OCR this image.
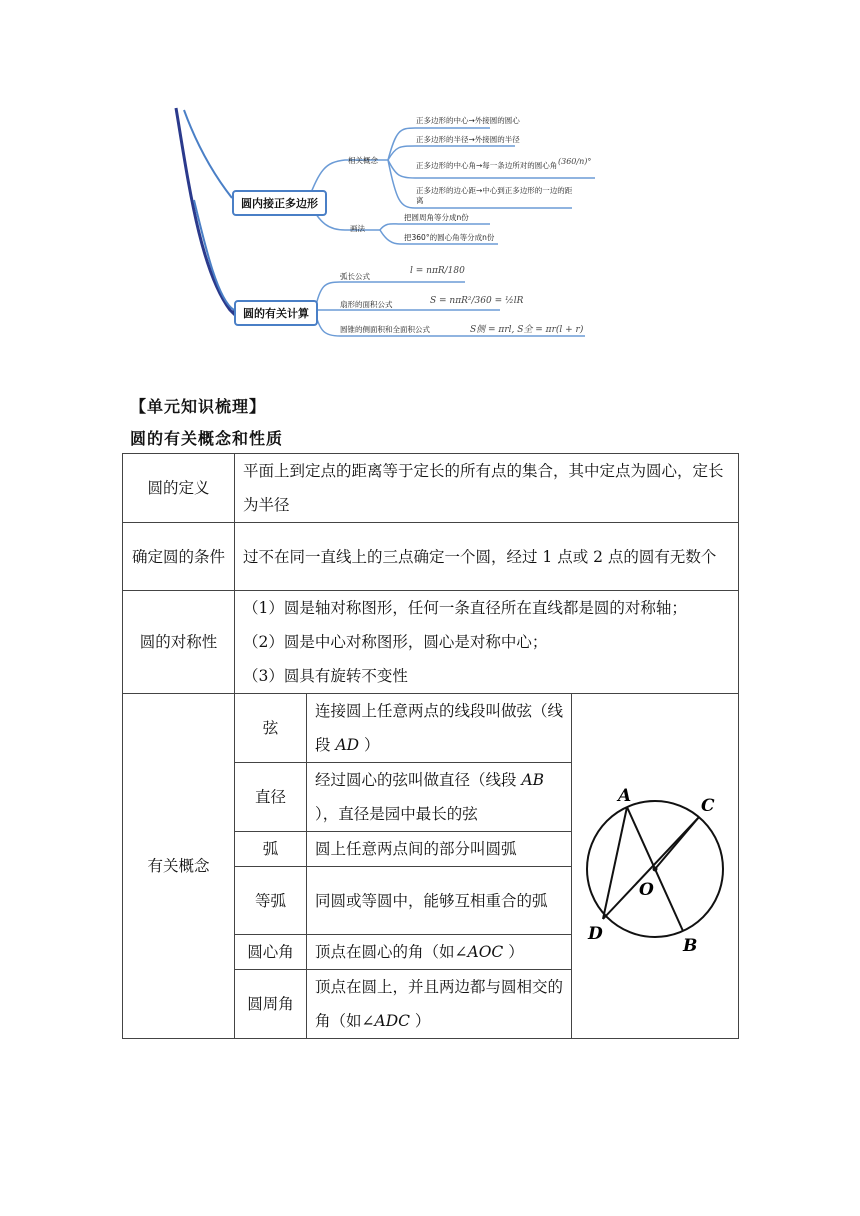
圆内接正多边形
圆的有关计算
相关概念
画法
正多边形的中心→外接圆的圆心
正多边形的半径→外接圆的半径
正多边形的中心角→每一条边所对的圆心角 (360/n)°
正多边形的边心距→中心到正多边形的一边的距离
把圆周角等分成n份
把360°的圆心角等分成n份
弧长公式
l = nπR/180
扇形的面积公式	S = nπR²/360 = ½lR
圆锥的侧面积和全面积公式	S侧 = πrl, S全 = πr(l + r)
【单元知识梳理】
圆的有关概念和性质
圆的定义	平面上到定点的距离等于定长的所有点的集合，其中定点为圆心，定长为半径		
确定圆的条件	过不在同一直线上的三点确定一个圆，经过 1 点或 2 点的圆有无数个		
圆的对称性	（1）圆是轴对称图形，任何一条直径所在直线都是圆的对称轴；
（2）圆是中心对称图形，圆心是对称中心；
（3）圆具有旋转不变性		

有关概念	弦	连接圆上任意两点的线段叫做弦（线段 AD ）	A C
O
D
B

	直径	经过圆心的弦叫做直径（线段 AB ），直径是园中最长的弦	
	弧	圆上任意两点间的部分叫圆弧	
	等弧	同圆或等圆中，能够互相重合的弧	
	圆心角	顶点在圆心的角（如∠AOC ）	
	圆周角	顶点在圆上，并且两边都与圆相交的角（如∠ADC ）	
